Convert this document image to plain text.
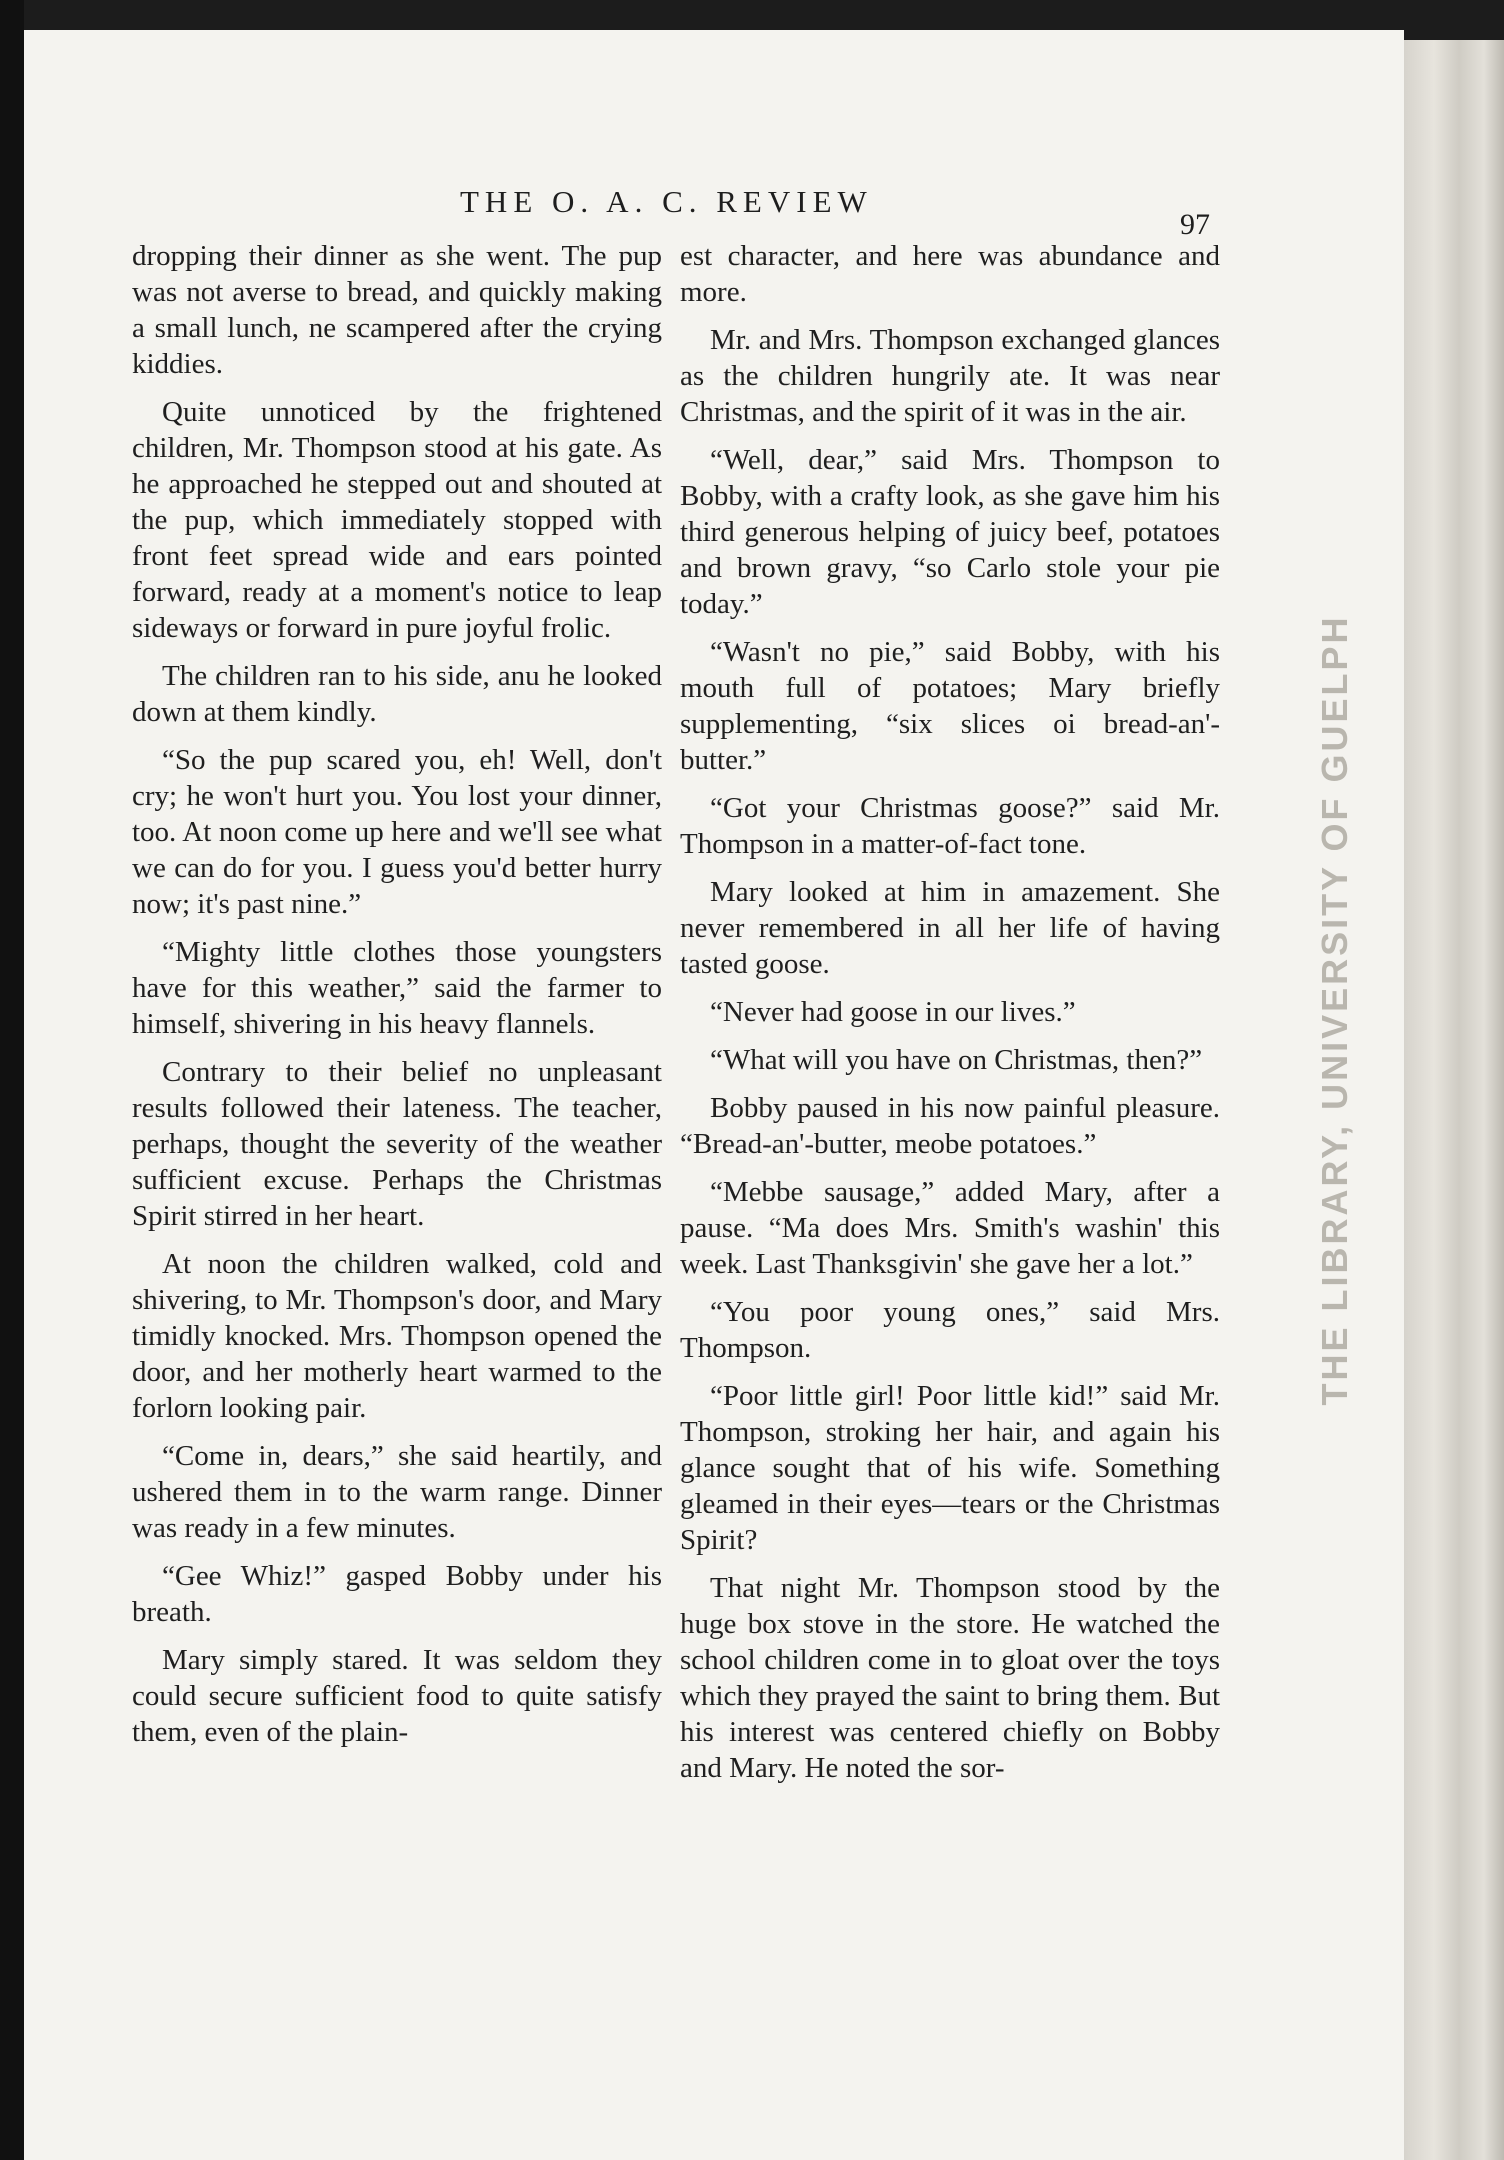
THE LIBRARY, UNIVERSITY OF GUELPH
THE O. A. C. REVIEW
97

dropping their dinner as she went. The pup was not averse to bread, and quickly making a small lunch, ne scampered after the crying kiddies.

Quite unnoticed by the frightened children, Mr. Thompson stood at his gate. As he approached he stepped out and shouted at the pup, which immediately stopped with front feet spread wide and ears pointed forward, ready at a moment's notice to leap sideways or forward in pure joyful frolic.

The children ran to his side, anu he looked down at them kindly.

“So the pup scared you, eh! Well, don't cry; he won't hurt you. You lost your dinner, too. At noon come up here and we'll see what we can do for you. I guess you'd better hurry now; it's past nine.”

“Mighty little clothes those youngsters have for this weather,” said the farmer to himself, shivering in his heavy flannels.

Contrary to their belief no unpleasant results followed their lateness. The teacher, perhaps, thought the severity of the weather sufficient excuse. Perhaps the Christmas Spirit stirred in her heart.

At noon the children walked, cold and shivering, to Mr. Thompson's door, and Mary timidly knocked. Mrs. Thompson opened the door, and her motherly heart warmed to the forlorn looking pair.

“Come in, dears,” she said heartily, and ushered them in to the warm range. Dinner was ready in a few minutes.

“Gee Whiz!” gasped Bobby under his breath.

Mary simply stared. It was seldom they could secure sufficient food to quite satisfy them, even of the plain-

est character, and here was abundance and more.

Mr. and Mrs. Thompson exchanged glances as the children hungrily ate. It was near Christmas, and the spirit of it was in the air.

“Well, dear,” said Mrs. Thompson to Bobby, with a crafty look, as she gave him his third generous helping of juicy beef, potatoes and brown gravy, “so Carlo stole your pie today.”

“Wasn't no pie,” said Bobby, with his mouth full of potatoes; Mary briefly supplementing, “six slices oi bread-an'-butter.”

“Got your Christmas goose?” said Mr. Thompson in a matter-of-fact tone.

Mary looked at him in amazement. She never remembered in all her life of having tasted goose.

“Never had goose in our lives.”

“What will you have on Christmas, then?”

Bobby paused in his now painful pleasure. “Bread-an'-butter, meobe potatoes.”

“Mebbe sausage,” added Mary, after a pause. “Ma does Mrs. Smith's washin' this week. Last Thanksgivin' she gave her a lot.”

“You poor young ones,” said Mrs. Thompson.

“Poor little girl! Poor little kid!” said Mr. Thompson, stroking her hair, and again his glance sought that of his wife. Something gleamed in their eyes—tears or the Christmas Spirit?

That night Mr. Thompson stood by the huge box stove in the store. He watched the school children come in to gloat over the toys which they prayed the saint to bring them. But his interest was centered chiefly on Bobby and Mary. He noted the sor-
